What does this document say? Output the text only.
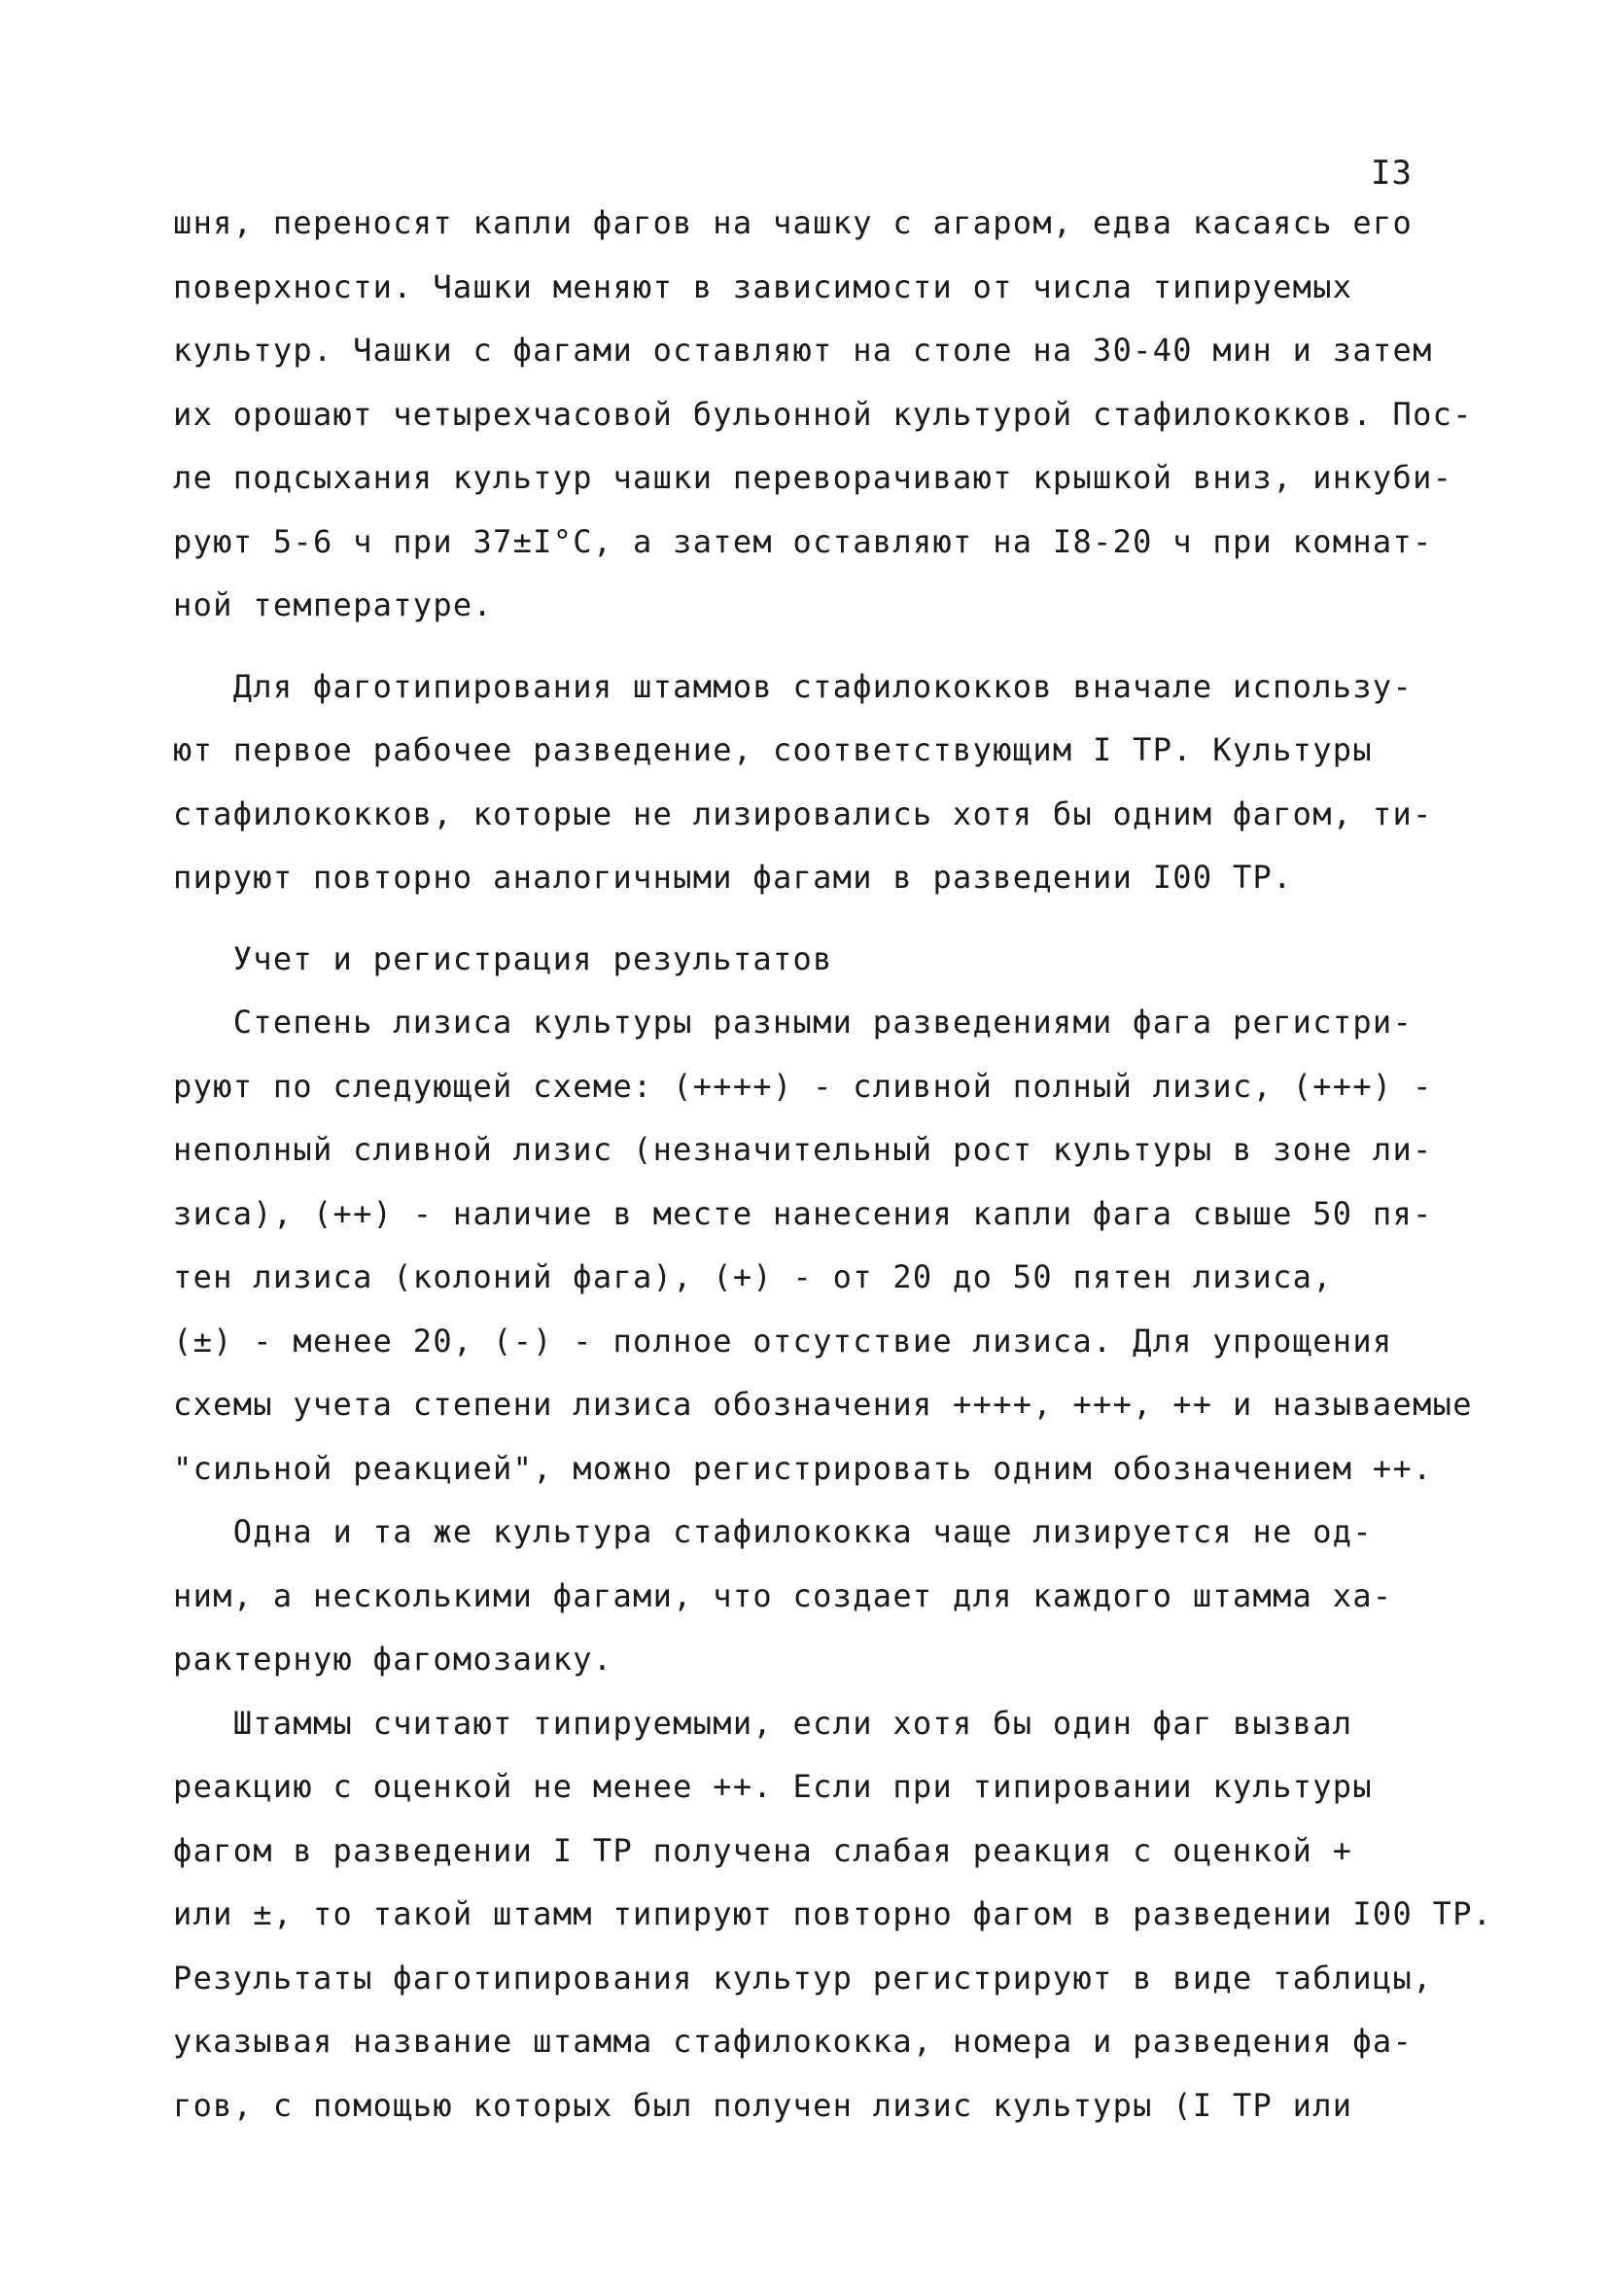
I3

шня, переносят капли фагов на чашку с агаром, едва касаясь его
поверхности. Чашки меняют в зависимости от числа типируемых
культур. Чашки с фагами оставляют на столе на 30-40 мин и затем
их орошают четырехчасовой бульонной культурой стафилококков. Пос-
ле подсыхания культур чашки переворачивают крышкой вниз, инкуби-
руют 5-6 ч при 37±I°С, а затем оставляют на I8-20 ч при комнат-
ной температуре.
Для фаготипирования штаммов стафилококков вначале использу-
ют первое рабочее разведение, соответствующим I ТР. Культуры
стафилококков, которые не лизировались хотя бы одним фагом, ти-
пируют повторно аналогичными фагами в разведении I00 ТР.
Учет и регистрация результатов
Степень лизиса культуры разными разведениями фага регистри-
руют по следующей схеме: (++++) - сливной полный лизис, (+++) -
неполный сливной лизис (незначительный рост культуры в зоне ли-
зиса), (++) - наличие в месте нанесения капли фага свыше 50 пя-
тен лизиса (колоний фага), (+) - от 20 до 50 пятен лизиса,
(±) - менее 20, (-) - полное отсутствие лизиса. Для упрощения
схемы учета степени лизиса обозначения ++++, +++, ++ и называемые
"сильной реакцией", можно регистрировать одним обозначением ++.
Одна и та же культура стафилококка чаще лизируется не од-
ним, а несколькими фагами, что создает для каждого штамма ха-
рактерную фагомозаику.
Штаммы считают типируемыми, если хотя бы один фаг вызвал
реакцию с оценкой не менее ++. Если при типировании культуры
фагом в разведении I ТР получена слабая реакция с оценкой +
или ±, то такой штамм типируют повторно фагом в разведении I00 ТР.
Результаты фаготипирования культур регистрируют в виде таблицы,
указывая название штамма стафилококка, номера и разведения фа-
гов, с помощью которых был получен лизис культуры (I ТР или
